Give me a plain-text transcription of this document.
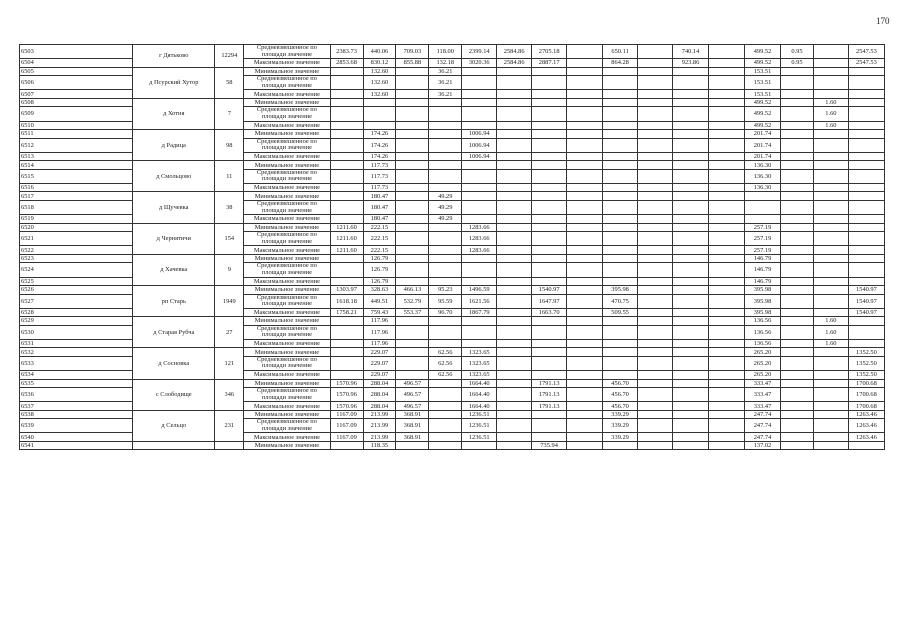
170
6503	г Дятьково	12294	Средневзвешенное по площади значение	2383.73	440.06	709.03	118.00	2399.14	2584.86	2705.18		650.11		740.14		499.52	0.95		2547.53
6504			Максимальное значение	2853.68	830.12	855.88	132.18	3020.36	2584.86	2887.17		864.28		923.86		499.52	0.95		2547.53
6505	д Псурский Хутор	58	Минимальное значение		132.60		36.21									153.51			
6506			Средневзвешенное по площади значение		132.60		36.21									153.51			
6507			Максимальное значение		132.60		36.21									153.51			
6508	д Хотня	7	Минимальное значение													499.52		1.60	
6509			Средневзвешенное по площади значение													499.52		1.60	
6510			Максимальное значение													499.52		1.60	
6511	д Радица	98	Минимальное значение		174.26			1006.94								201.74			
6512			Средневзвешенное по площади значение		174.26			1006.94								201.74			
6513			Максимальное значение		174.26			1006.94								201.74			
6514	д Смольцово	11	Минимальное значение		117.73											136.30			
6515			Средневзвешенное по площади значение		117.73											136.30			
6516			Максимальное значение		117.73											136.30			
6517	д Щучевка	38	Минимальное значение		180.47		49.29												
6518			Средневзвешенное по площади значение		180.47		49.29												
6519			Максимальное значение		180.47		49.29												
6520	д Чернятичи	154	Минимальное значение	1211.60	222.15			1283.66								257.19			
6521			Средневзвешенное по площади значение	1211.60	222.15			1283.66								257.19			
6522			Максимальное значение	1211.60	222.15			1283.66								257.19			
6523	д Хачевка	9	Минимальное значение		126.79											146.79			
6524			Средневзвешенное по площади значение		126.79											146.79			
6525			Максимальное значение		126.79											146.79			
6526	рп Старь	1949	Минимальное значение	1303.97	328.63	466.13	95.23	1496.59		1540.97		395.98				395.98			1540.97
6527			Средневзвешенное по площади значение	1618.18	449.51	532.79	95.59	1621.56		1647.97		470.75				395.98			1540.97
6528			Максимальное значение	1758.21	759.43	553.37	96.70	1867.79		1663.70		509.55				395.98			1540.97
6529	д Старая Рубча	27	Минимальное значение		117.96											136.56		1.60	
6530			Средневзвешенное по площади значение		117.96											136.56		1.60	
6531			Максимальное значение		117.96											136.56		1.60	
6532	д Сосновка	121	Минимальное значение		229.07		62.56	1323.65								265.20			1352.50
6533			Средневзвешенное по площади значение		229.07		62.56	1323.65								265.20			1352.50
6534			Максимальное значение		229.07		62.56	1323.65								265.20			1352.50
6535	с Слободище	346	Минимальное значение	1570.96	288.04	496.57		1664.40		1791.13		456.70				333.47			1700.68
6536			Средневзвешенное по площади значение	1570.96	288.04	496.57		1664.40		1791.13		456.70				333.47			1700.68
6537			Максимальное значение	1570.96	288.04	496.57		1664.40		1791.13		456.70				333.47			1700.68
6538	д Сельцо	231	Минимальное значение	1167.09	213.99	368.91		1236.51				339.29				247.74			1263.46
6539			Средневзвешенное по площади значение	1167.09	213.99	368.91		1236.51				339.29				247.74			1263.46
6540			Максимальное значение	1167.09	213.99	368.91		1236.51				339.29				247.74			1263.46
6541			Минимальное значение		118.35					735.94						137.02			
